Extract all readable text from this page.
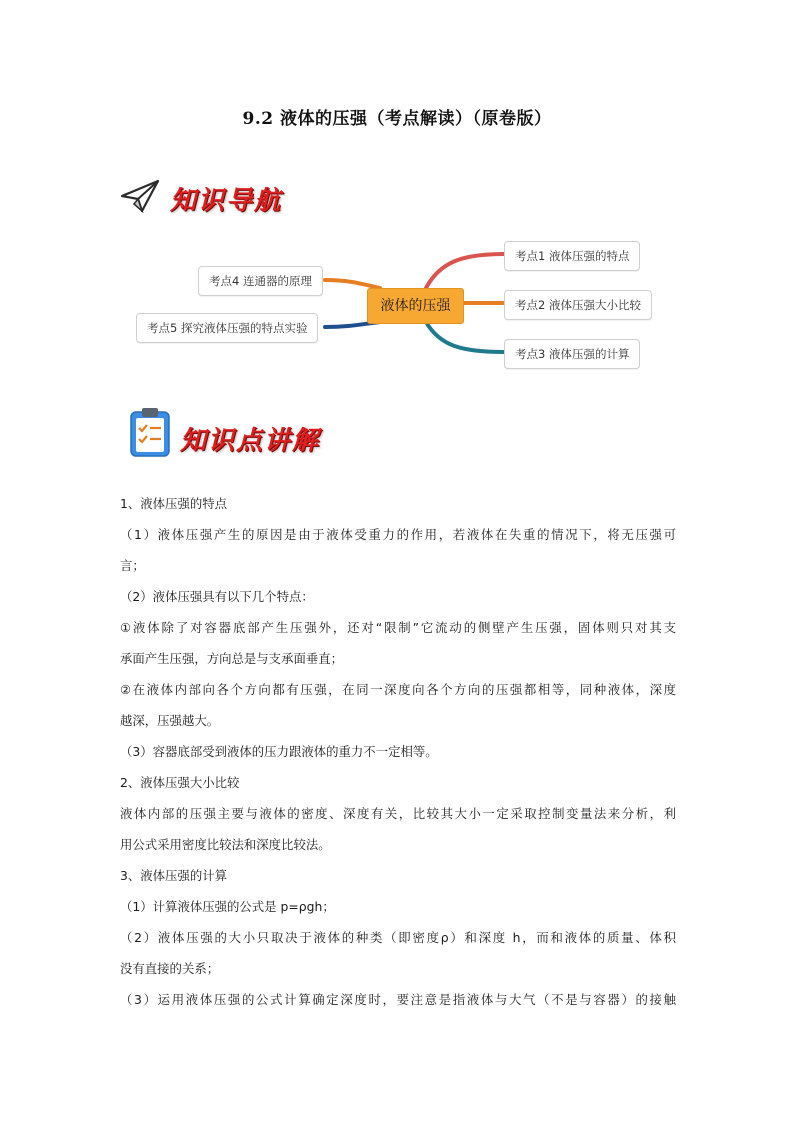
9.2 液体的压强（考点解读）（原卷版）
知识导航
液体的压强
考点4 连通器的原理
考点5 探究液体压强的特点实验
考点1 液体压强的特点
考点2 液体压强大小比较
考点3 液体压强的计算
知识点讲解
1、液体压强的特点
（1）液体压强产生的原因是由于液体受重力的作用，若液体在失重的情况下，将无压强可
言；
（2）液体压强具有以下几个特点：
①液体除了对容器底部产生压强外，还对“限制”它流动的侧壁产生压强，固体则只对其支
承面产生压强，方向总是与支承面垂直；
②在液体内部向各个方向都有压强，在同一深度向各个方向的压强都相等，同种液体，深度
越深，压强越大。
（3）容器底部受到液体的压力跟液体的重力不一定相等。
2、液体压强大小比较
液体内部的压强主要与液体的密度、深度有关，比较其大小一定采取控制变量法来分析，利
用公式采用密度比较法和深度比较法。
3、液体压强的计算
（1）计算液体压强的公式是 p=ρgh；
（2）液体压强的大小只取决于液体的种类（即密度ρ）和深度 h，而和液体的质量、体积
没有直接的关系；
（3）运用液体压强的公式计算确定深度时，要注意是指液体与大气（不是与容器）的接触
